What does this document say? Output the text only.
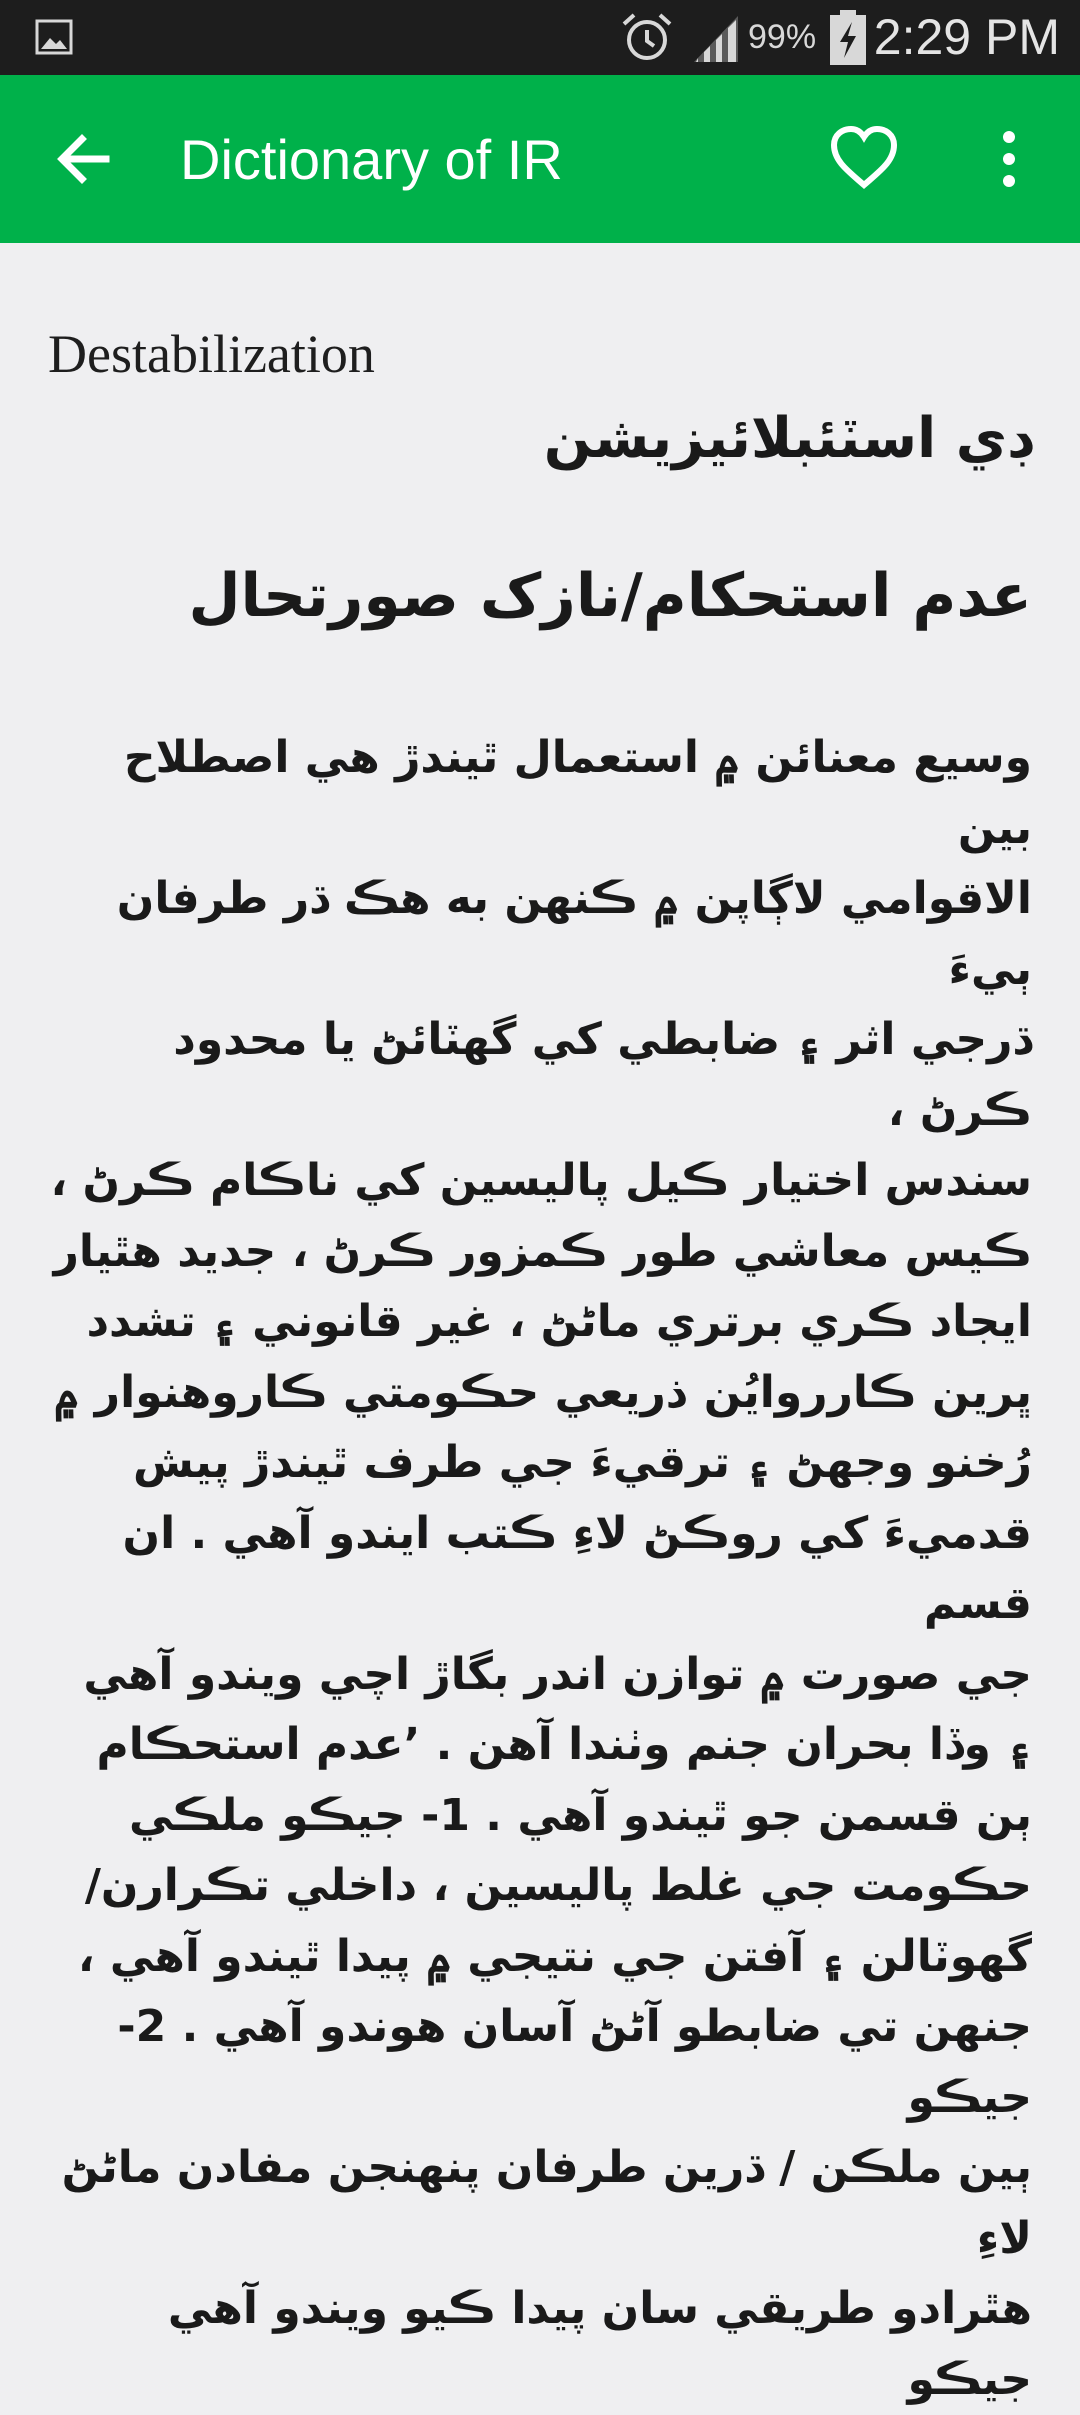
99% 2:29 PM
Dictionary of IR
Destabilization
ڊي اسٽئبلائيزيشن
عدم استحکام/نازک صورتحال
وسيع معنائن ۾ استعمال ٿيندڙ هي اصطلاح بين
الاقوامي لاڳاپن ۾ ڪنهن به هڪ ڌر طرفان ٻيءَ
ڌرجي اثر ۽ ضابطي کي گهٽائڻ يا محدود ڪرڻ ،
سندس اختيار ڪيل پاليسين کي ناڪام ڪرڻ ،
ڪيس معاشي طور ڪمزور ڪرڻ ، جديد هٿيار
ايجاد ڪري برتري ماڻڻ ، غير قانوني ۽ تشدد
ڀرين ڪارروايُن ذريعي حڪومتي ڪاروهنوار ۾
رُخنو وجهڻ ۽ ترقيءَ جي طرف ٿيندڙ پيش
قدميءَ کي روڪڻ لاءِ ڪتب ايندو آهي . ان قسم
جي صورت ۾ توازن اندر بگاڙ اچي ويندو آهي
۽ وڏا بحران جنم وٺندا آهن . ’عدم استحڪام
ٻن قسمن جو ٿيندو آهي . 1- جيڪو ملڪي
حڪومت جي غلط پاليسين ، داخلي تڪرارن/
گهوٽالن ۽ آفتن جي نتيجي ۾ پيدا ٿيندو آهي ،
جنهن تي ضابطو آڻڻ آسان هوندو آهي . 2- جيڪو
ٻين ملڪن / ڌرين طرفان پنهنجن مفادن ماڻڻ لاءِ
هٿرادو طريقي سان پيدا ڪيو ويندو آهي جيڪو
